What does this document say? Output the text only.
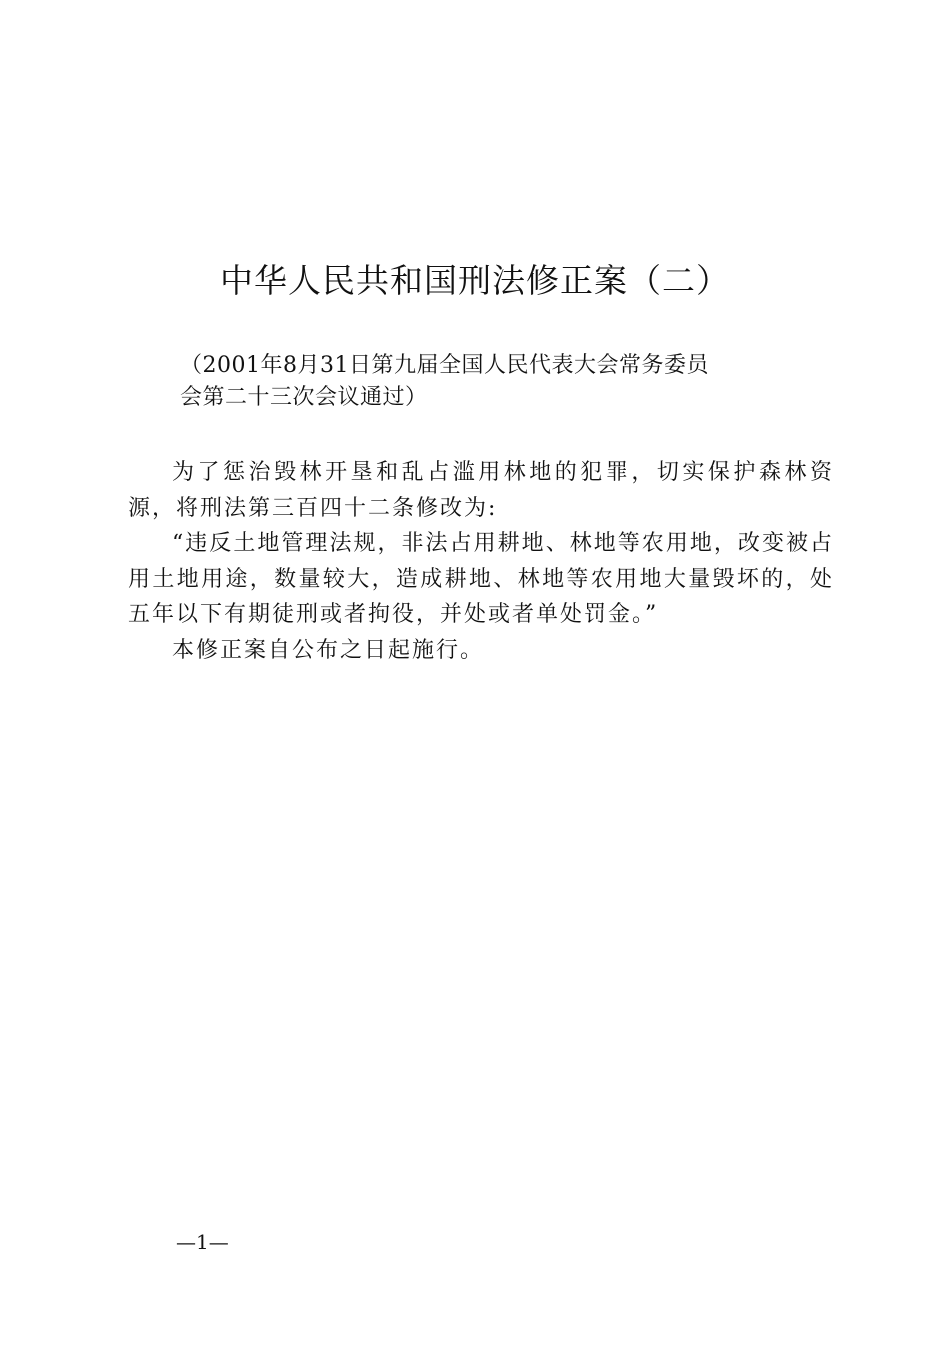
中华人民共和国刑法修正案（二）
（2001年8月31日第九届全国人民代表大会常务委员
会第二十三次会议通过）

为了惩治毁林开垦和乱占滥用林地的犯罪，切实保护森林资源，将刑法第三百四十二条修改为:

“违反土地管理法规，非法占用耕地、林地等农用地，改变被占用土地用途，数量较大，造成耕地、林地等农用地大量毁坏的，处五年以下有期徒刑或者拘役，并处或者单处罚金。”

本修正案自公布之日起施行。

—1—
